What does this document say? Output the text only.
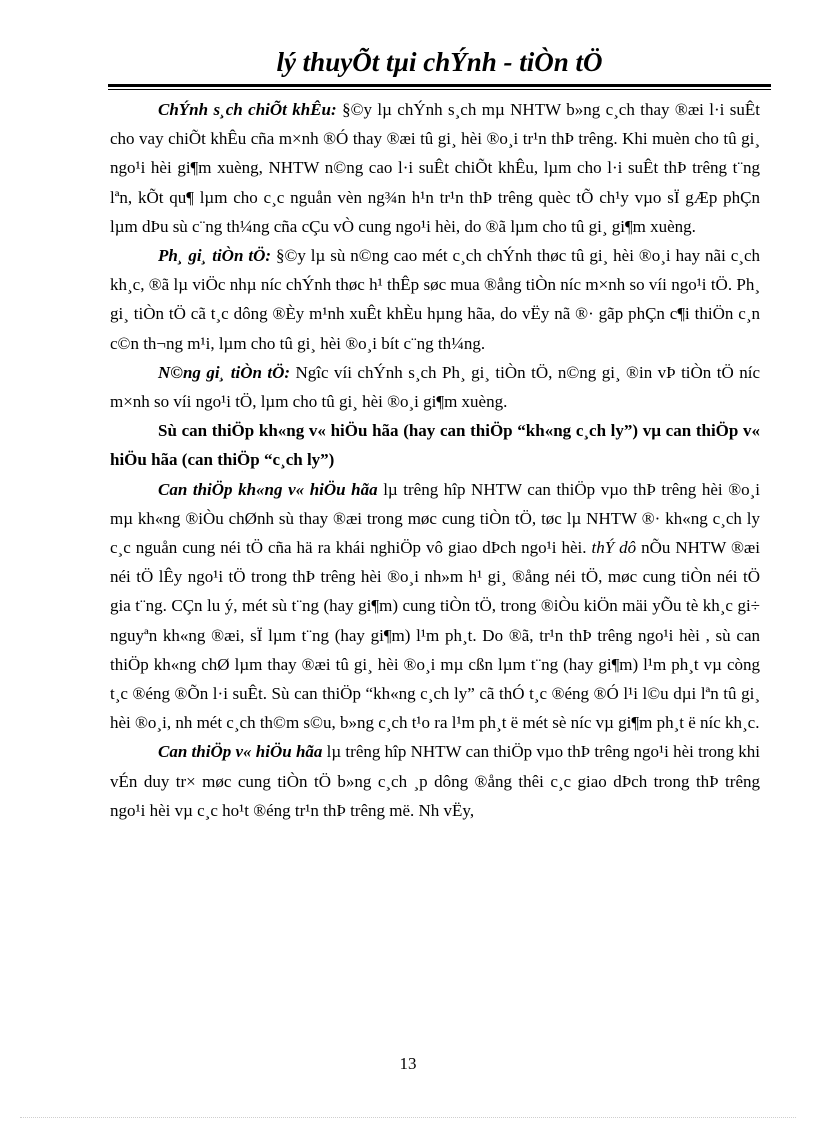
lý thuyÕt tµi chÝnh - tiÒn tÖ

ChÝnh s¸ch chiÕt khÊu: §©y lµ chÝnh s¸ch mµ NHTW b»ng c¸ch thay ®æi l·i suÊt cho vay chiÕt khÊu cña m×nh ®Ó thay ®æi tû gi¸ hèi ®o¸i tr¹n thÞ trêng. Khi muèn cho tû gi¸ ngo¹i hèi gi¶m xuèng, NHTW n©ng cao l·i suÊt chiÕt khÊu, lµm cho l·i suÊt thÞ trêng t¨ng lªn, kÕt qu¶ lµm cho c¸c nguån vèn ng¾n h¹n tr¹n thÞ trêng quèc tÕ ch¹y vµo sÏ gÆp phÇn lµm dÞu sù c¨ng th¼ng cña cÇu vÒ cung ngo¹i hèi, do ®ã lµm cho tû gi¸ gi¶m xuèng.

Ph¸ gi¸ tiÒn tÖ: §©y lµ sù n©ng cao mét c¸ch chÝnh thøc tû gi¸ hèi ®o¸i hay nãi c¸ch kh¸c, ®ã lµ viÖc nhµ níc chÝnh thøc h¹ thÊp søc mua ®ång tiÒn níc m×nh so víi ngo¹i tÖ. Ph¸ gi¸ tiÒn tÖ cã t¸c dông ®Èy m¹nh xuÊt khÈu hµng hãa, do vËy nã ®· gãp phÇn c¶i thiÖn c¸n c©n th¬ng m¹i, lµm cho tû gi¸ hèi ®o¸i bít c¨ng th¼ng.

N©ng gi¸ tiÒn tÖ: Ngîc víi chÝnh s¸ch Ph¸ gi¸ tiÒn tÖ, n©ng gi¸ ®in vÞ tiÒn tÖ níc m×nh so víi ngo¹i tÖ, lµm cho tû gi¸ hèi ®o¸i gi¶m xuèng.

Sù can thiÖp kh«ng v« hiÖu hãa (hay can thiÖp “kh«ng c¸ch ly”) vµ can thiÖp v« hiÖu hãa (can thiÖp “c¸ch ly”)

Can thiÖp kh«ng v« hiÖu hãa lµ trêng hîp NHTW can thiÖp vµo thÞ trêng hèi ®o¸i mµ kh«ng ®iÒu chØnh sù thay ®æi trong møc cung tiÒn tÖ, tøc lµ NHTW ®· kh«ng c¸ch ly c¸c nguån cung néi tÖ cña hä ra khái nghiÖp vô giao dÞch ngo¹i hèi. thÝ dô nÕu NHTW ®æi néi tÖ lÊy ngo¹i tÖ trong thÞ trêng hèi ®o¸i nh»m h¹ gi¸ ®ång néi tÖ, møc cung tiÒn néi tÖ gia t¨ng. CÇn lu ý, mét sù t¨ng (hay gi¶m) cung tiÒn tÖ, trong ®iÒu kiÖn mäi yÕu tè kh¸c gi÷ nguyªn kh«ng ®æi, sÏ lµm t¨ng (hay gi¶m) l¹m ph¸t. Do ®ã, tr¹n thÞ trêng ngo¹i hèi , sù can thiÖp kh«ng chØ lµm thay ®æi tû gi¸ hèi ®o¸i mµ cßn lµm t¨ng (hay gi¶m) l¹m ph¸t vµ còng t¸c ®éng ®Õn l·i suÊt. Sù can thiÖp “kh«ng c¸ch ly” cã thÓ t¸c ®éng ®Ó l¹i l©u dµi lªn tû gi¸ hèi ®o¸i, nh mét c¸ch th©m s©u, b»ng c¸ch t¹o ra l¹m ph¸t ë mét sè níc vµ gi¶m ph¸t ë níc kh¸c.

Can thiÖp v« hiÖu hãa lµ trêng hîp NHTW can thiÖp vµo thÞ trêng ngo¹i hèi trong khi vÉn duy tr× møc cung tiÒn tÖ b»ng c¸ch ¸p dông ®ång thêi c¸c giao dÞch trong thÞ trêng ngo¹i hèi vµ c¸c ho¹t ®éng tr¹n thÞ trêng më. Nh vËy,

13
